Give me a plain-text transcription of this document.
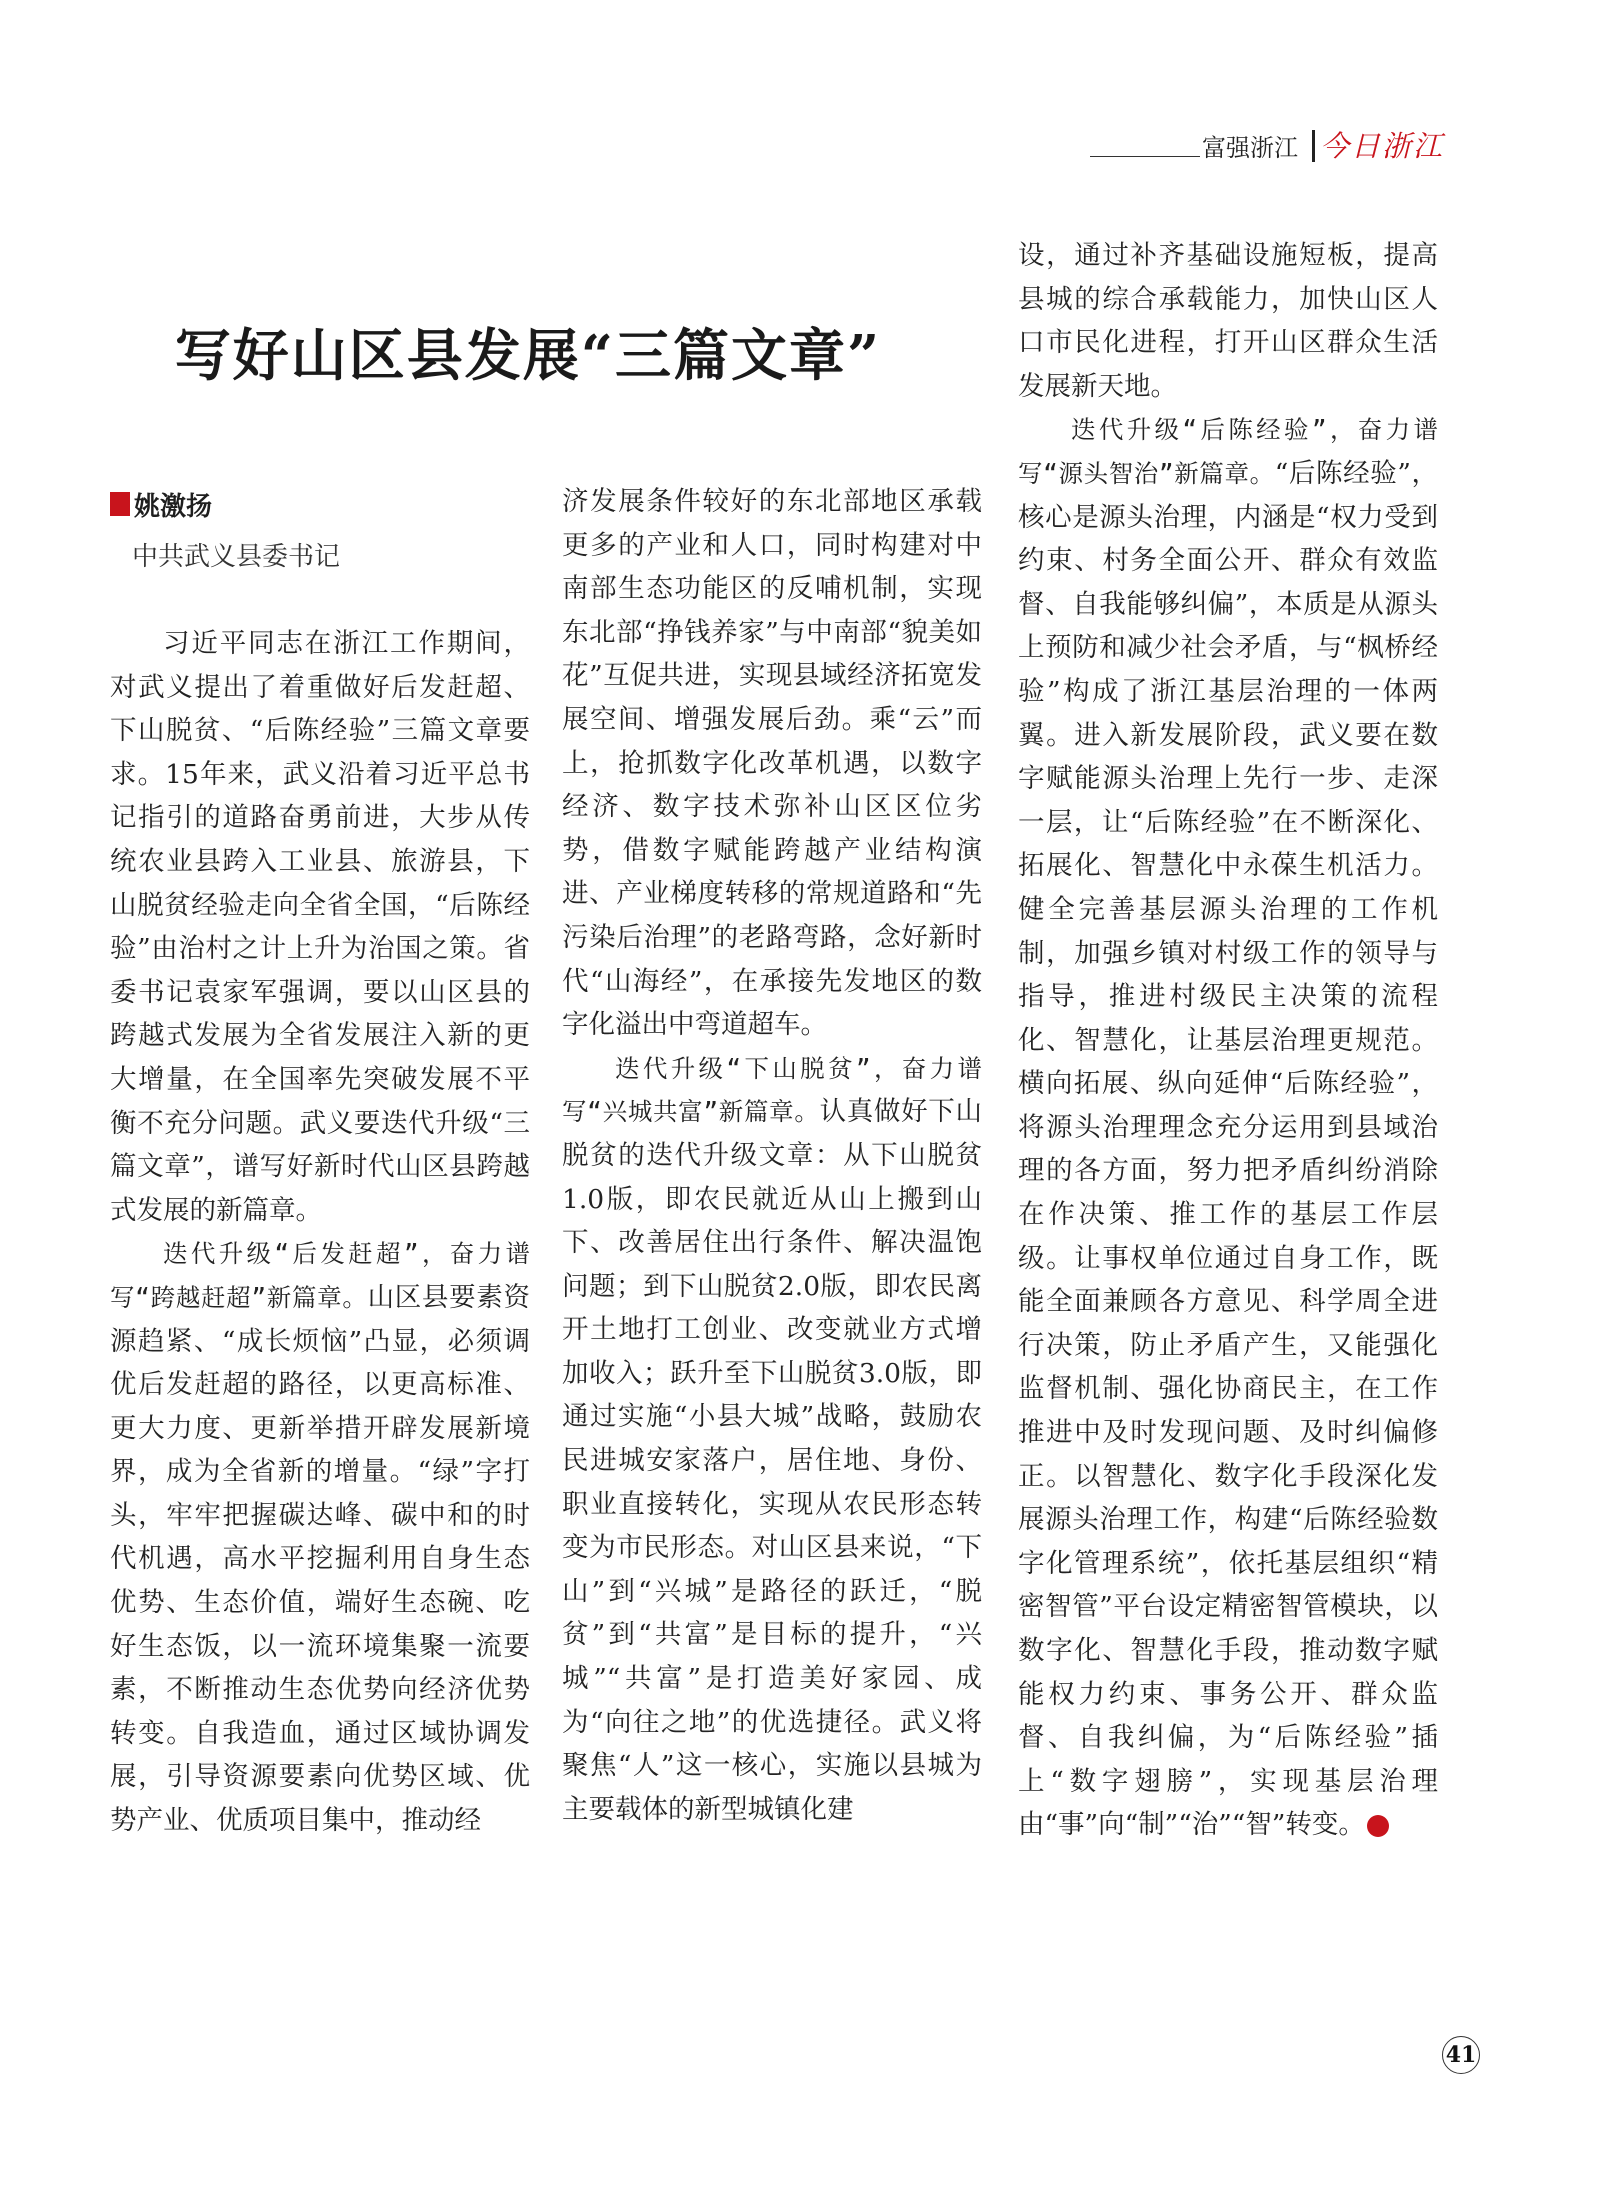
富强浙江 今日浙江
写好山区县发展“三篇文章”
姚激扬
中共武义县委书记

习近平同志在浙江工作期间，对武义提出了着重做好后发赶超、下山脱贫、“后陈经验”三篇文章要求。15年来，武义沿着习近平总书记指引的道路奋勇前进，大步从传统农业县跨入工业县、旅游县，下山脱贫经验走向全省全国，“后陈经验”由治村之计上升为治国之策。省委书记袁家军强调，要以山区县的跨越式发展为全省发展注入新的更大增量，在全国率先突破发展不平衡不充分问题。武义要迭代升级“三篇文章”，谱写好新时代山区县跨越式发展的新篇章。

迭代升级“后发赶超”，奋力谱写“跨越赶超”新篇章。山区县要素资源趋紧、“成长烦恼”凸显，必须调优后发赶超的路径，以更高标准、更大力度、更新举措开辟发展新境界，成为全省新的增量。“绿”字打头，牢牢把握碳达峰、碳中和的时代机遇，高水平挖掘利用自身生态优势、生态价值，端好生态碗、吃好生态饭，以一流环境集聚一流要素，不断推动生态优势向经济优势转变。自我造血，通过区域协调发展，引导资源要素向优势区域、优势产业、优质项目集中，推动经

济发展条件较好的东北部地区承载更多的产业和人口，同时构建对中南部生态功能区的反哺机制，实现东北部“挣钱养家”与中南部“貌美如花”互促共进，实现县域经济拓宽发展空间、增强发展后劲。乘“云”而上，抢抓数字化改革机遇，以数字经济、数字技术弥补山区区位劣势，借数字赋能跨越产业结构演进、产业梯度转移的常规道路和“先污染后治理”的老路弯路，念好新时代“山海经”，在承接先发地区的数字化溢出中弯道超车。

迭代升级“下山脱贫”，奋力谱写“兴城共富”新篇章。认真做好下山脱贫的迭代升级文章：从下山脱贫1.0版，即农民就近从山上搬到山下、改善居住出行条件、解决温饱问题；到下山脱贫2.0版，即农民离开土地打工创业、改变就业方式增加收入；跃升至下山脱贫3.0版，即通过实施“小县大城”战略，鼓励农民进城安家落户，居住地、身份、职业直接转化，实现从农民形态转变为市民形态。对山区县来说，“下山”到“兴城”是路径的跃迁，“脱贫”到“共富”是目标的提升，“兴城”“共富”是打造美好家园、成为“向往之地”的优选捷径。武义将聚焦“人”这一核心，实施以县城为主要载体的新型城镇化建

设，通过补齐基础设施短板，提高县城的综合承载能力，加快山区人口市民化进程，打开山区群众生活发展新天地。

迭代升级“后陈经验”，奋力谱写“源头智治”新篇章。“后陈经验”，核心是源头治理，内涵是“权力受到约束、村务全面公开、群众有效监督、自我能够纠偏”，本质是从源头上预防和减少社会矛盾，与“枫桥经验”构成了浙江基层治理的一体两翼。进入新发展阶段，武义要在数字赋能源头治理上先行一步、走深一层，让“后陈经验”在不断深化、拓展化、智慧化中永葆生机活力。健全完善基层源头治理的工作机制，加强乡镇对村级工作的领导与指导，推进村级民主决策的流程化、智慧化，让基层治理更规范。横向拓展、纵向延伸“后陈经验”，将源头治理理念充分运用到县域治理的各方面，努力把矛盾纠纷消除在作决策、推工作的基层工作层级。让事权单位通过自身工作，既能全面兼顾各方意见、科学周全进行决策，防止矛盾产生，又能强化监督机制、强化协商民主，在工作推进中及时发现问题、及时纠偏修正。以智慧化、数字化手段深化发展源头治理工作，构建“后陈经验数字化管理系统”，依托基层组织“精密智管”平台设定精密智管模块，以数字化、智慧化手段，推动数字赋能权力约束、事务公开、群众监督、自我纠偏，为“后陈经验”插上“数字翅膀”，实现基层治理由“事”向“制”“治”“智”转变。

41
